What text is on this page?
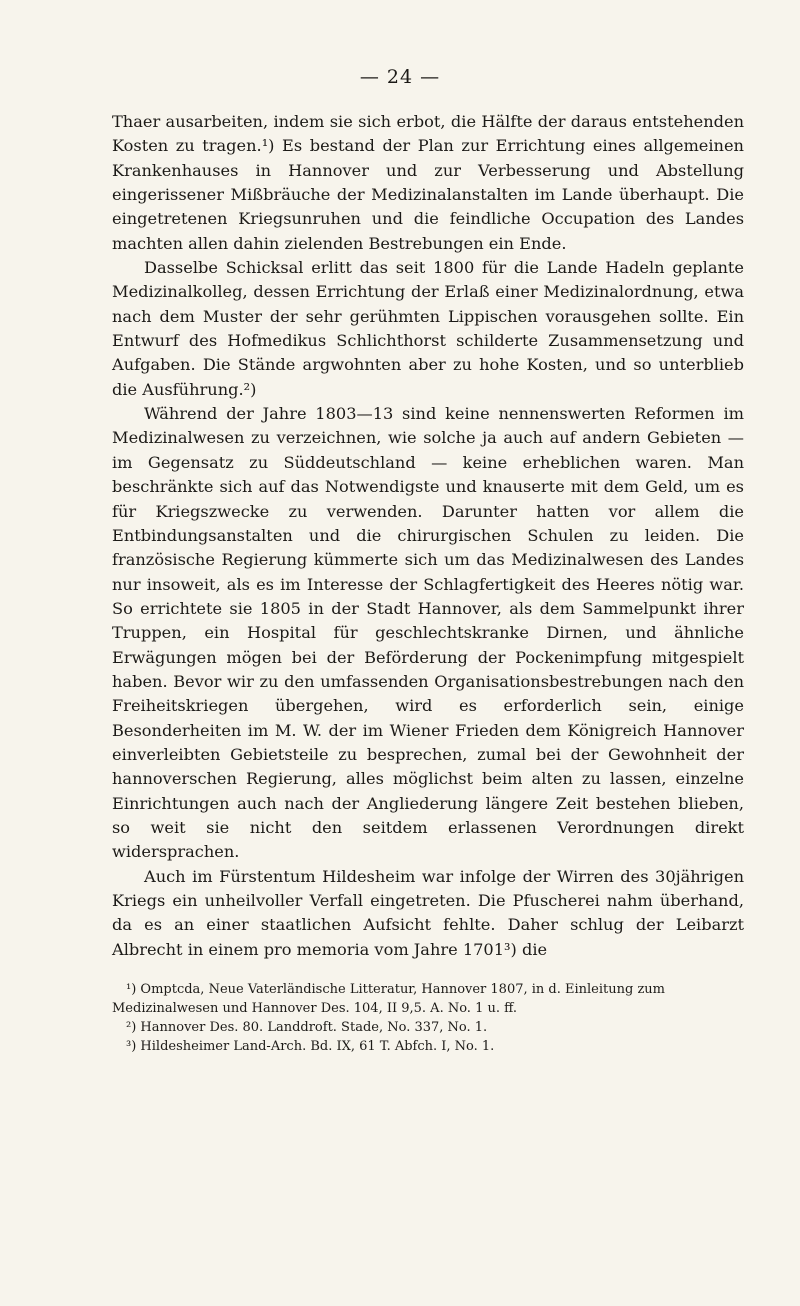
— 24 —

Thaer ausarbeiten, indem sie sich erbot, die Hälfte der daraus entstehenden Kosten zu tragen.¹) Es bestand der Plan zur Errichtung eines allgemeinen Krankenhauses in Hannover und zur Verbesserung und Abstellung eingerissener Mißbräuche der Medizinalanstalten im Lande überhaupt. Die eingetretenen Kriegsunruhen und die feindliche Occupation des Landes machten allen dahin zielenden Bestrebungen ein Ende.

Dasselbe Schicksal erlitt das seit 1800 für die Lande Hadeln geplante Medizinalkolleg, dessen Errichtung der Erlaß einer Medizinalordnung, etwa nach dem Muster der sehr gerühmten Lippischen vorausgehen sollte. Ein Entwurf des Hofmedikus Schlichthorst schilderte Zusammensetzung und Aufgaben. Die Stände argwohnten aber zu hohe Kosten, und so unterblieb die Ausführung.²)

Während der Jahre 1803—13 sind keine nennenswerten Reformen im Medizinalwesen zu verzeichnen, wie solche ja auch auf andern Gebieten — im Gegensatz zu Süddeutschland — keine erheblichen waren. Man beschränkte sich auf das Notwendigste und knauserte mit dem Geld, um es für Kriegszwecke zu verwenden. Darunter hatten vor allem die Entbindungsanstalten und die chirurgischen Schulen zu leiden. Die französische Regierung kümmerte sich um das Medizinalwesen des Landes nur insoweit, als es im Interesse der Schlagfertigkeit des Heeres nötig war. So errichtete sie 1805 in der Stadt Hannover, als dem Sammelpunkt ihrer Truppen, ein Hospital für geschlechtskranke Dirnen, und ähnliche Erwägungen mögen bei der Beförderung der Pockenimpfung mitgespielt haben. Bevor wir zu den umfassenden Organisationsbestrebungen nach den Freiheitskriegen übergehen, wird es erforderlich sein, einige Besonderheiten im M. W. der im Wiener Frieden dem Königreich Hannover einverleibten Gebietsteile zu besprechen, zumal bei der Gewohnheit der hannoverschen Regierung, alles möglichst beim alten zu lassen, einzelne Einrichtungen auch nach der Angliederung längere Zeit bestehen blieben, so weit sie nicht den seitdem erlassenen Verordnungen direkt widersprachen.

Auch im Fürstentum Hildesheim war infolge der Wirren des 30jährigen Kriegs ein unheilvoller Verfall eingetreten. Die Pfuscherei nahm überhand, da es an einer staatlichen Aufsicht fehlte. Daher schlug der Leibarzt Albrecht in einem pro memoria vom Jahre 1701³) die

¹) Omptcda, Neue Vaterländische Litteratur, Hannover 1807, in d. Einleitung zum Medizinalwesen und Hannover Des. 104, II 9,5. A. No. 1 u. ff.

²) Hannover Des. 80. Landdroft. Stade, No. 337, No. 1.

³) Hildesheimer Land-Arch. Bd. IX, 61 T. Abfch. I, No. 1.
